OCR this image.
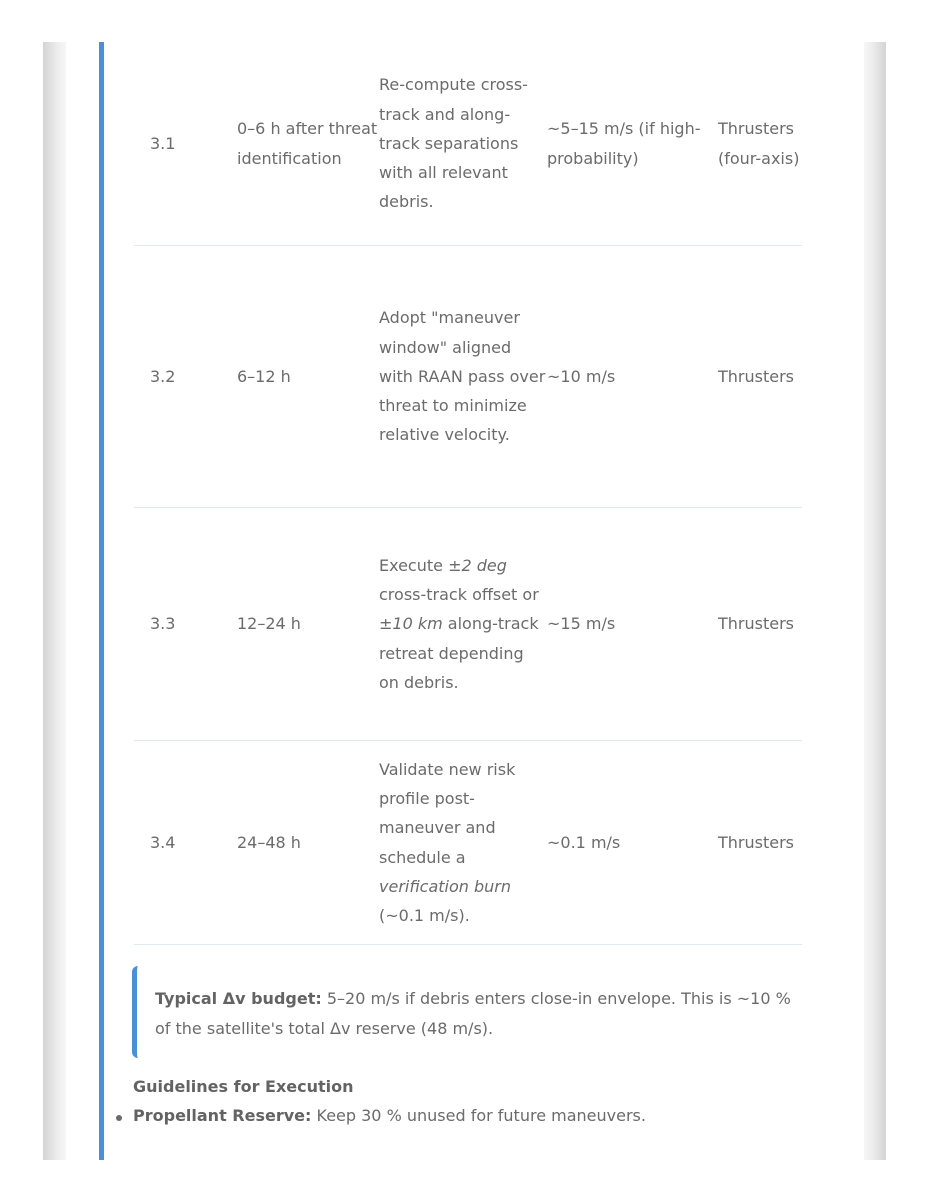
3.1	0–6 h after threat identification	Re-compute cross-track and along-track separations with all relevant debris.	~5–15 m/s (if high-probability)	Thrusters (four-axis)
3.2	6–12 h	Adopt "maneuver window" aligned with RAAN pass over threat to minimize relative velocity.	~10 m/s	Thrusters
3.3	12–24 h	Execute ±2 deg cross-track offset or ±10 km along-track retreat depending on debris.	~15 m/s	Thrusters
3.4	24–48 h	Validate new risk profile post-maneuver and schedule a verification burn (~0.1 m/s).	~0.1 m/s	Thrusters
Typical Δv budget: 5–20 m/s if debris enters close-in envelope. This is ~10 % of the satellite's total Δv reserve (48 m/s).
Guidelines for Execution
Propellant Reserve: Keep 30 % unused for future maneuvers.
